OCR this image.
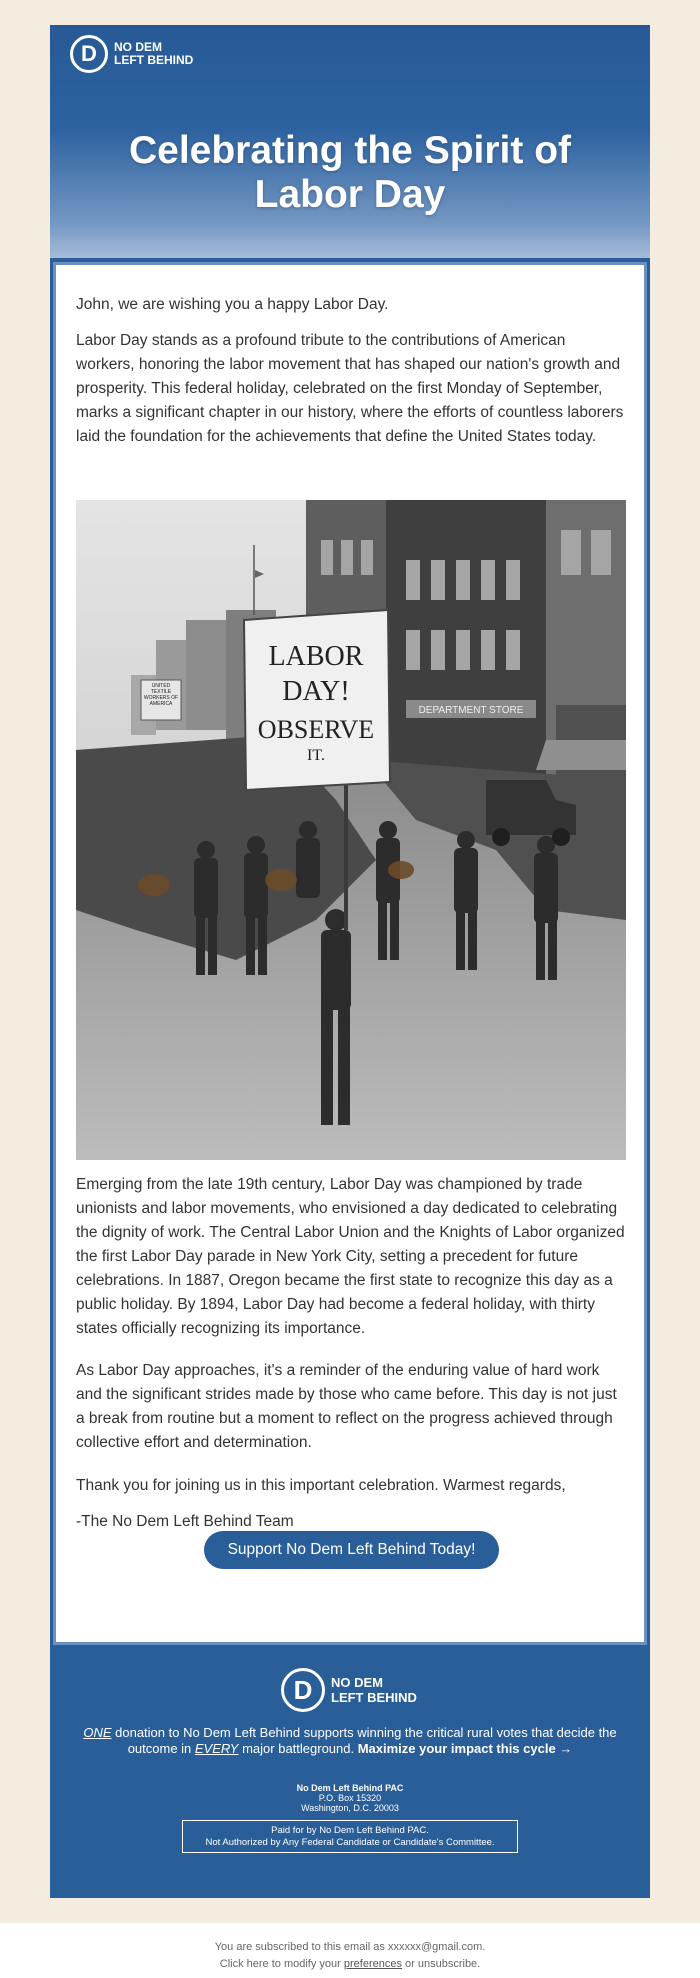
D NO DEM
LEFT BEHIND
Celebrating the Spirit of Labor Day

John, we are wishing you a happy Labor Day.

Labor Day stands as a profound tribute to the contributions of American workers, honoring the labor movement that has shaped our nation's growth and prosperity. This federal holiday, celebrated on the first Monday of September, marks a significant chapter in our history, where the efforts of countless laborers laid the foundation for the achievements that define the United States today.

DEPARTMENT STORE
LABOR
DAY!
OBSERVE
IT.
UNITED TEXTILE WORKERS OF AMERICA

Emerging from the late 19th century, Labor Day was championed by trade unionists and labor movements, who envisioned a day dedicated to celebrating the dignity of work. The Central Labor Union and the Knights of Labor organized the first Labor Day parade in New York City, setting a precedent for future celebrations. In 1887, Oregon became the first state to recognize this day as a public holiday. By 1894, Labor Day had become a federal holiday, with thirty states officially recognizing its importance.

As Labor Day approaches, it's a reminder of the enduring value of hard work and the significant strides made by those who came before. This day is not just a break from routine but a moment to reflect on the progress achieved through collective effort and determination.

Thank you for joining us in this important celebration. Warmest regards,

-The No Dem Left Behind Team

Support No Dem Left Behind Today!
D NO DEM
LEFT BEHIND
ONE donation to No Dem Left Behind supports winning the critical rural votes that decide the outcome in EVERY major battleground. Maximize your impact this cycle →
No Dem Left Behind PAC
P.O. Box 15320
Washington, D.C. 20003
Paid for by No Dem Left Behind PAC.
Not Authorized by Any Federal Candidate or Candidate's Committee.
You are subscribed to this email as xxxxxx@gmail.com.
Click here to modify your preferences or unsubscribe.
